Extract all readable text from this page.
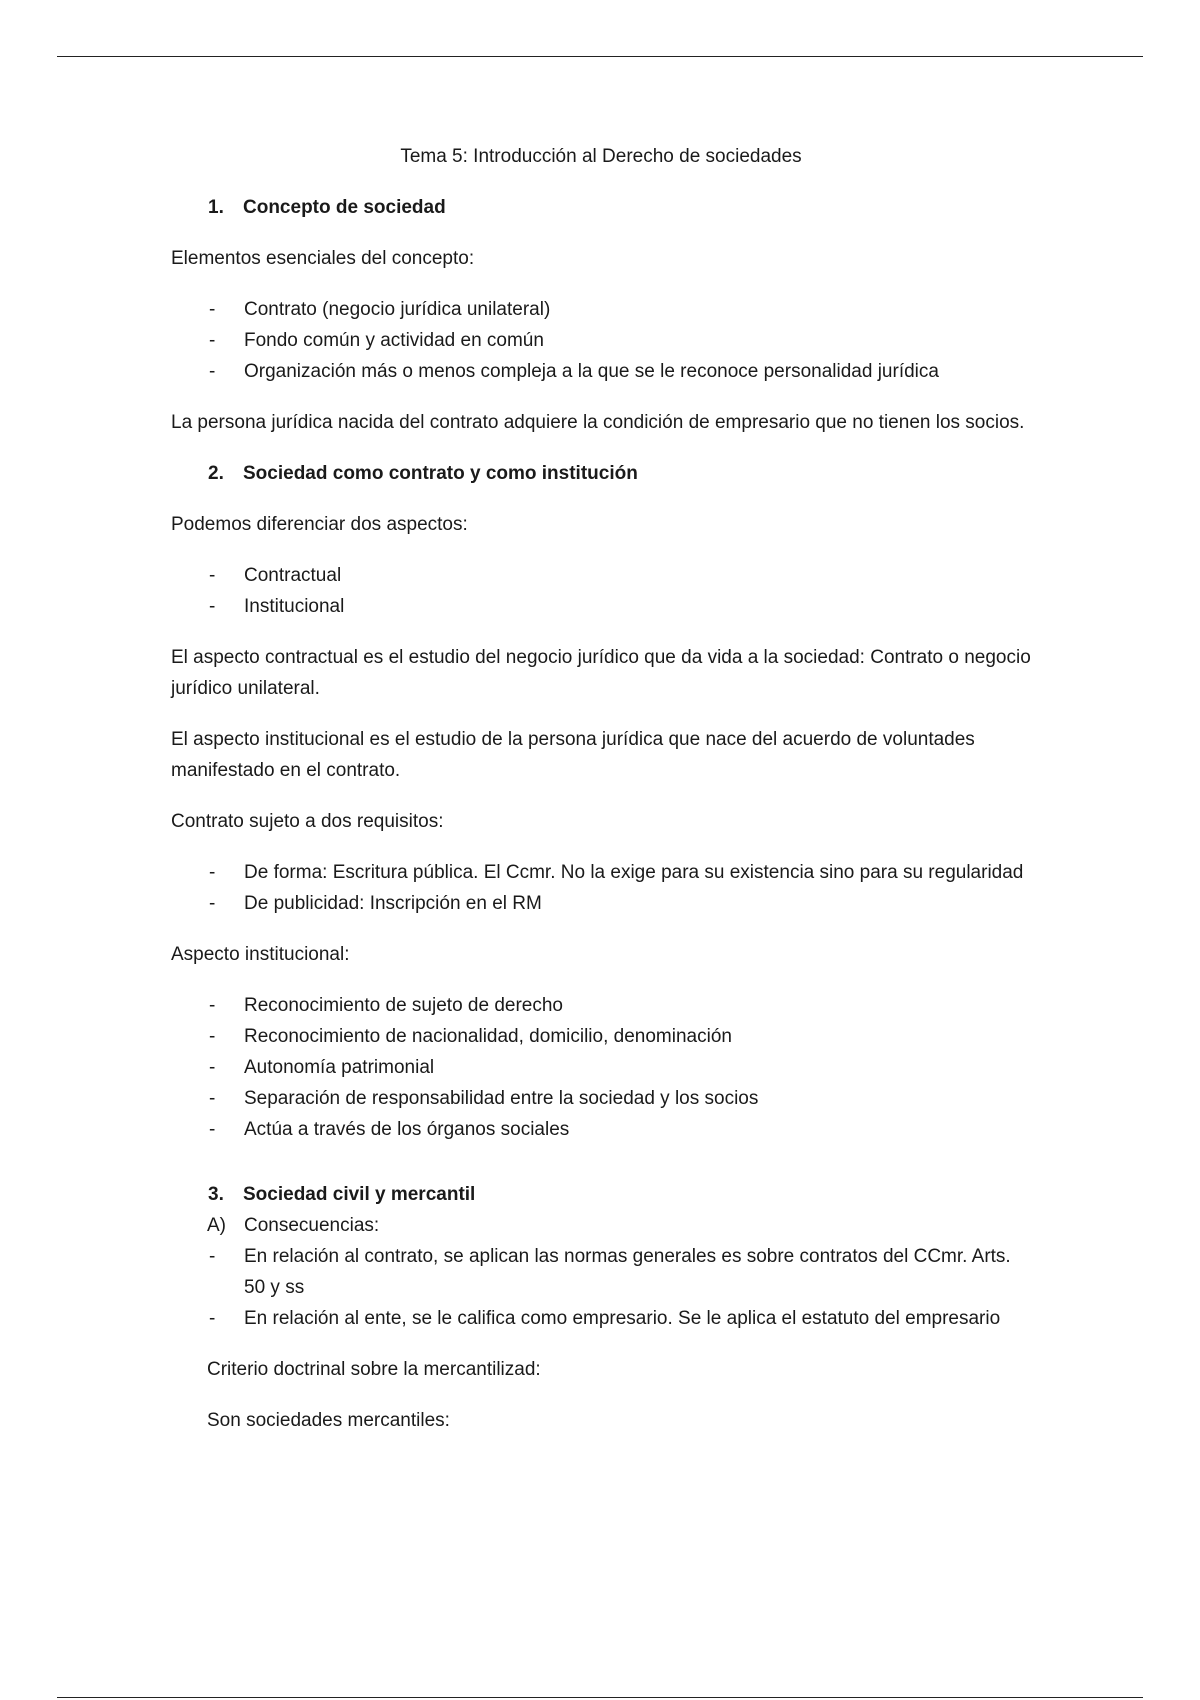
Tema 5: Introducción al Derecho de sociedades
1. Concepto de sociedad
Elementos esenciales del concepto:
- Contrato (negocio jurídica unilateral)
- Fondo común y actividad en común
- Organización más o menos compleja a la que se le reconoce personalidad jurídica
La persona jurídica nacida del contrato adquiere la condición de empresario que no tienen los socios.
2. Sociedad como contrato y como institución
Podemos diferenciar dos aspectos:
- Contractual
- Institucional
El aspecto contractual es el estudio del negocio jurídico que da vida a la sociedad: Contrato o negocio jurídico unilateral.
El aspecto institucional es el estudio de la persona jurídica que nace del acuerdo de voluntades manifestado en el contrato.
Contrato sujeto a dos requisitos:
- De forma: Escritura pública. El Ccmr. No la exige para su existencia sino para su regularidad
- De publicidad: Inscripción en el RM
Aspecto institucional:
- Reconocimiento de sujeto de derecho
- Reconocimiento de nacionalidad, domicilio, denominación
- Autonomía patrimonial
- Separación de responsabilidad entre la sociedad y los socios
- Actúa a través de los órganos sociales
3. Sociedad civil y mercantil
A) Consecuencias:
- En relación al contrato, se aplican las normas generales es sobre contratos del CCmr. Arts. 50 y ss
- En relación al ente, se le califica como empresario. Se le aplica el estatuto del empresario
Criterio doctrinal sobre la mercantilizad:
Son sociedades mercantiles:
